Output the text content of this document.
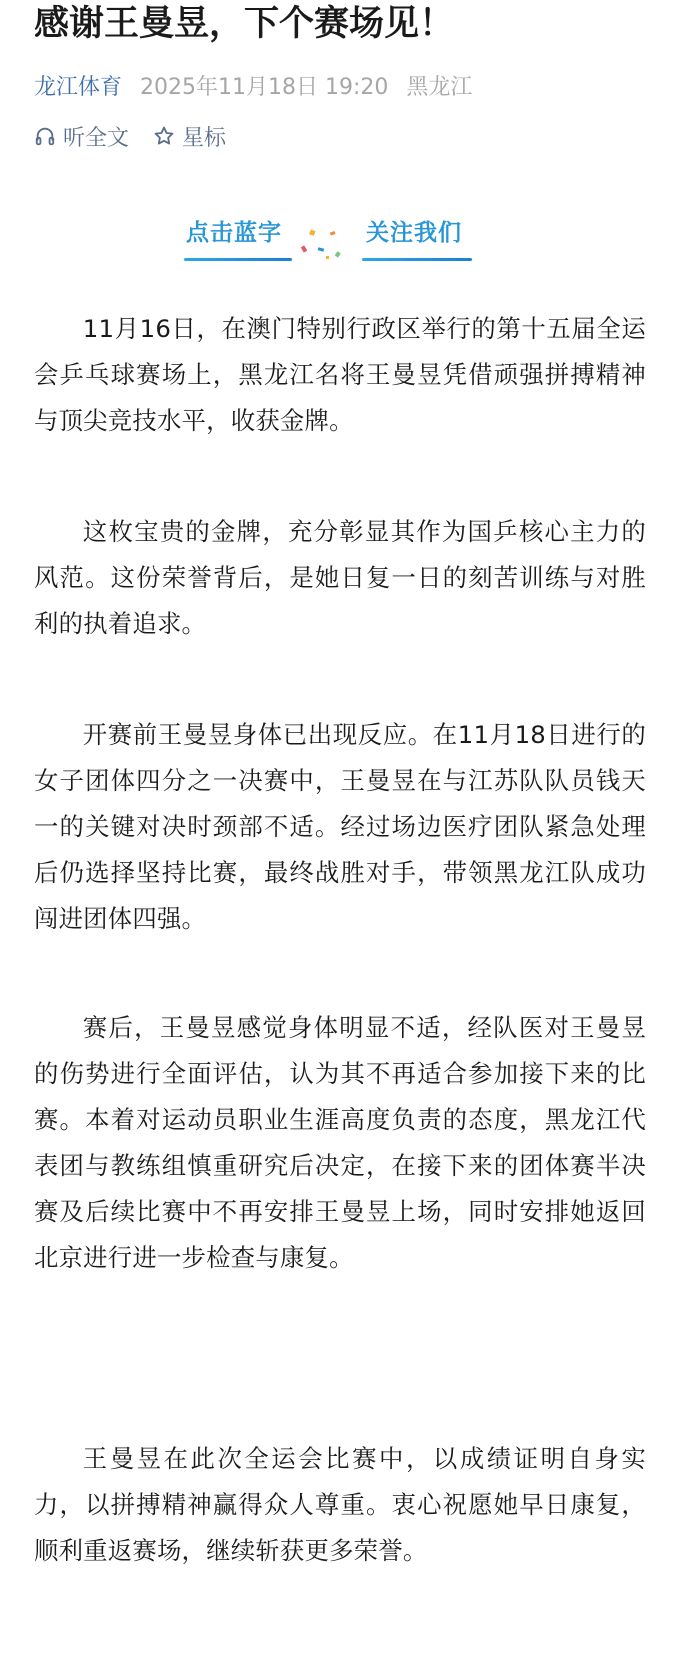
感谢王曼昱，下个赛场见！
龙江体育 2025年11月18日 19:20 黑龙江
听全文 星标
点击蓝字	关注我们

11月16日，在澳门特别行政区举行的第十五届全运会乒乓球赛场上，黑龙江名将王曼昱凭借顽强拼搏精神与顶尖竞技水平，收获金牌。

这枚宝贵的金牌，充分彰显其作为国乒核心主力的风范。这份荣誉背后，是她日复一日的刻苦训练与对胜利的执着追求。

开赛前王曼昱身体已出现反应。在11月18日进行的女子团体四分之一决赛中，王曼昱在与江苏队队员钱天一的关键对决时颈部不适。经过场边医疗团队紧急处理后仍选择坚持比赛，最终战胜对手，带领黑龙江队成功闯进团体四强。

赛后，王曼昱感觉身体明显不适，经队医对王曼昱的伤势进行全面评估，认为其不再适合参加接下来的比赛。本着对运动员职业生涯高度负责的态度，黑龙江代表团与教练组慎重研究后决定，在接下来的团体赛半决赛及后续比赛中不再安排王曼昱上场，同时安排她返回北京进行进一步检查与康复。

王曼昱在此次全运会比赛中，以成绩证明自身实力，以拼搏精神赢得众人尊重。衷心祝愿她早日康复，顺利重返赛场，继续斩获更多荣誉。
